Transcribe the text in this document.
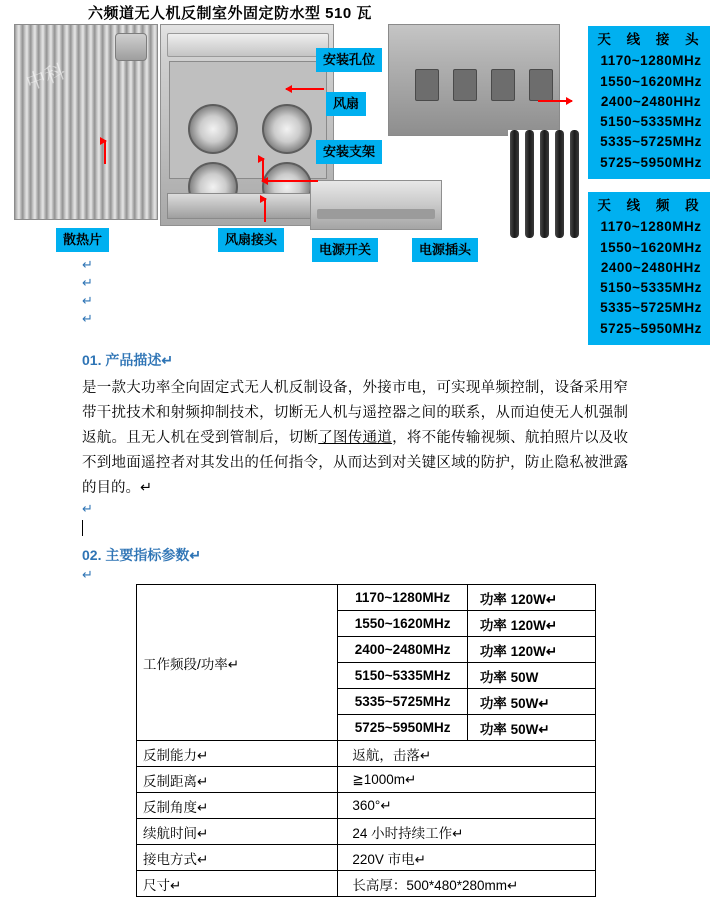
六频道无人机反制室外固定防水型 510 瓦
中科
安装孔位
风扇
安装支架
散热片	风扇接头
电源开关	电源插头
天 线 接 头
1170~1280MHz
1550~1620MHz
2400~2480HHz
5150~5335MHz
5335~5725MHz
5725~5950MHz
天 线 频 段
1170~1280MHz
1550~1620MHz
2400~2480HHz
5150~5335MHz
5335~5725MHz
5725~5950MHz
↵
↵
↵
↵
01. 产品描述↵
是一款大功率全向固定式无人机反制设备，外接市电，可实现单频控制，设备采用窄带干扰技术和射频抑制技术，切断无人机与遥控器之间的联系，从而迫使无人机强制返航。且无人机在受到管制后，切断了图传通道，将不能传输视频、航拍照片以及收不到地面遥控者对其发出的任何指令，从而达到对关键区域的防护，防止隐私被泄露的目的。↵
↵
02. 主要指标参数↵
↵
工作频段/功率↵	1170~1280MHz	功率 120W↵
	1550~1620MHz	功率 120W↵
	2400~2480MHz	功率 120W↵
	5150~5335MHz	功率 50W
	5335~5725MHz	功率 50W↵
	5725~5950MHz	功率 50W↵
反制能力↵	返航，击落↵	
反制距离↵	≧1000m↵	
反制角度↵	360°↵	
续航时间↵	24 小时持续工作↵	
接电方式↵	220V 市电↵	
尺寸↵	长高厚：500*480*280mm↵	
